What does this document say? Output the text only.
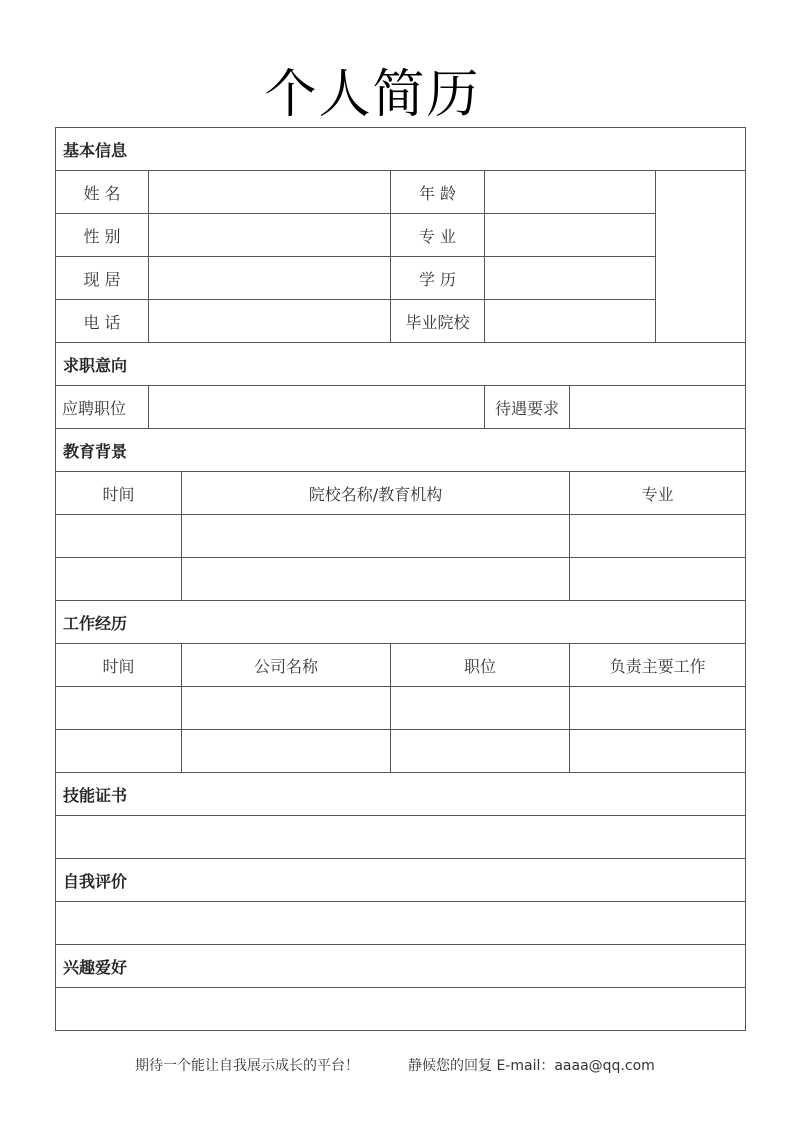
个人简历
基本信息						
姓 名			年 龄			
性 别			专 业			
现 居			学 历			
电 话			毕业院校			
求职意向						
应聘职位				待遇要求		
教育背景						
时间		院校名称/教育机构			专业	

工作经历						
时间		公司名称	职位		负责主要工作	

技能证书						

自我评价						

兴趣爱好						

期待一个能让自我展示成长的平台！	静候您的回复 E-mail：aaaa@qq.com
